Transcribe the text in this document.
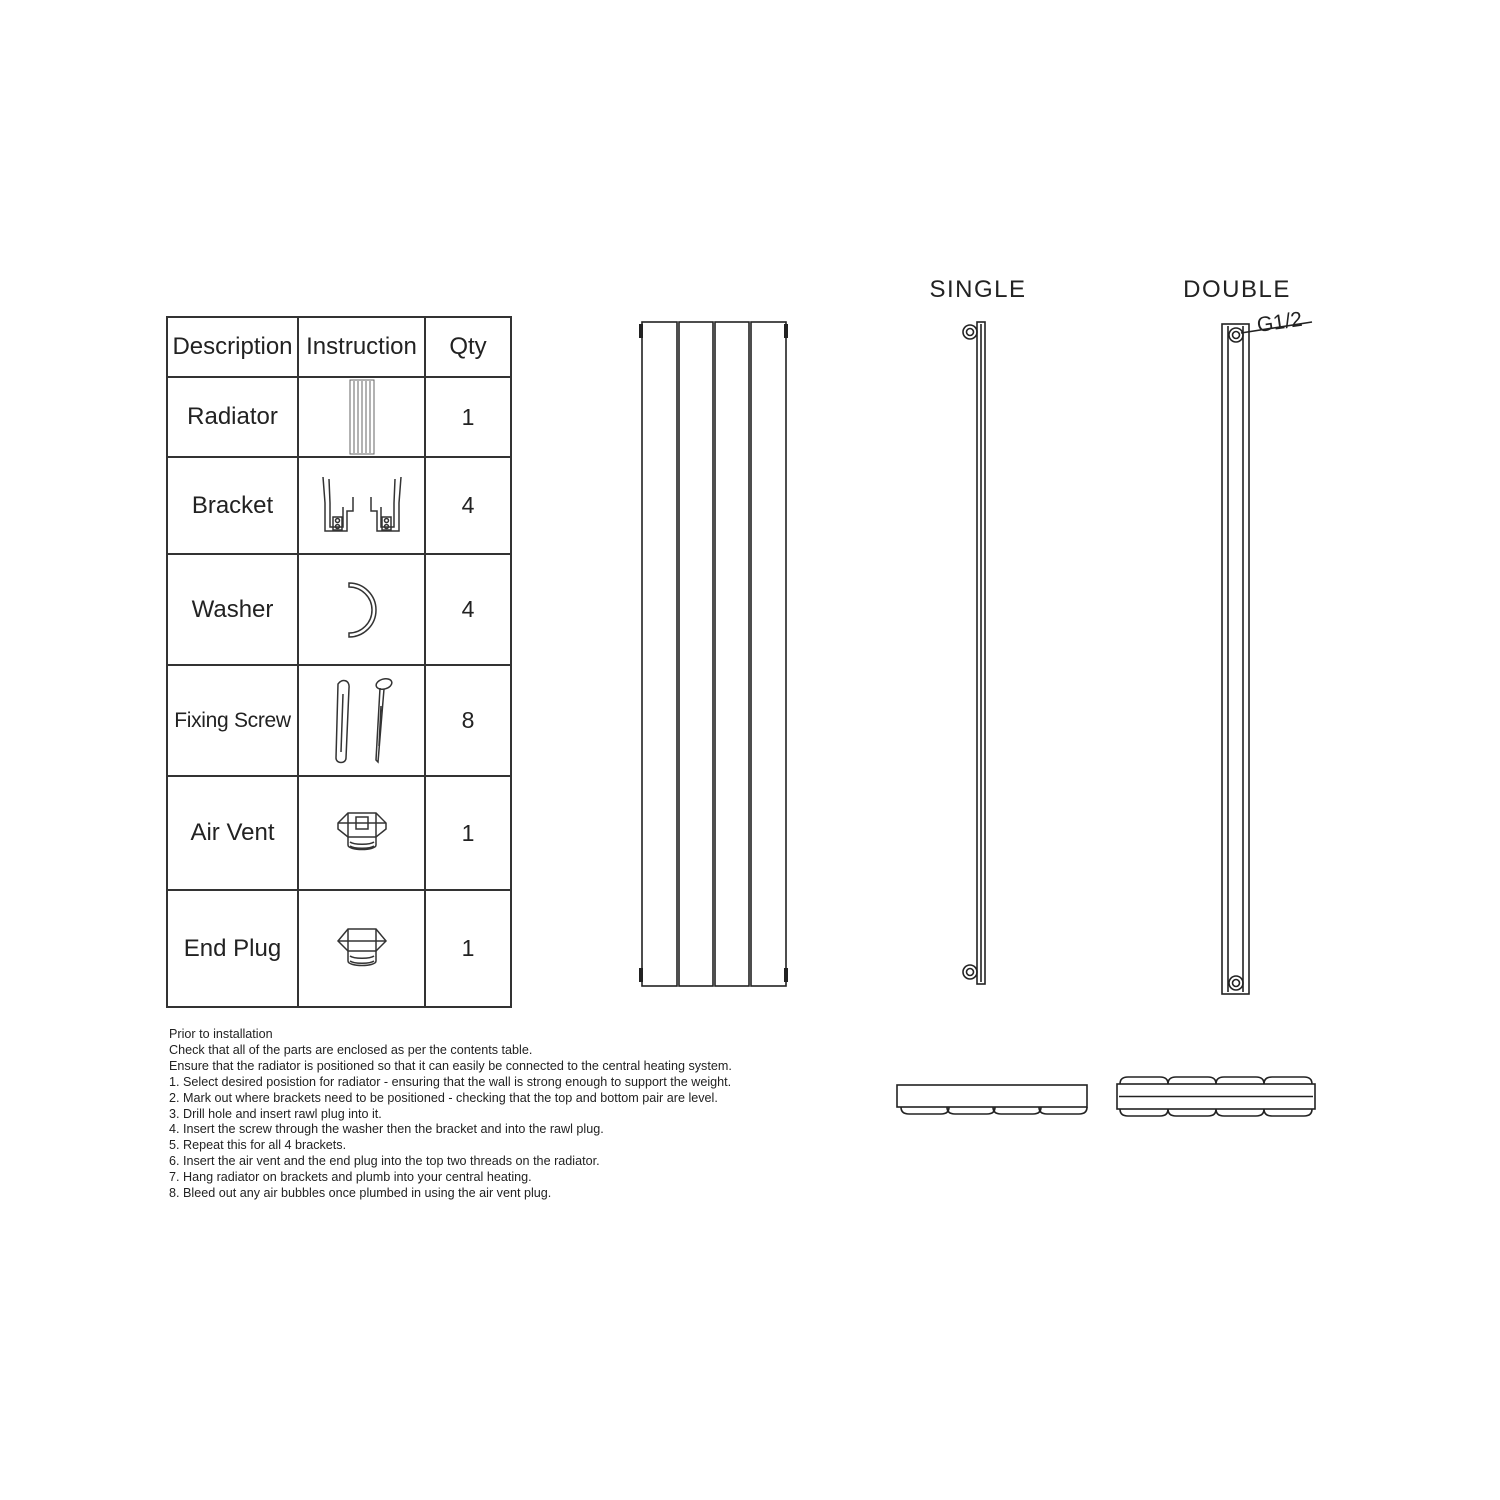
Description	Instruction	Qty
Radiator		1
Bracket		4
Washer		4
Fixing Screw		8
Air Vent		1
End Plug		1

Prior to installation

Check that all of the parts are enclosed as per the contents table.

Ensure that the radiator is positioned so that it can easily be connected to the central heating system.

1. Select desired posistion for radiator - ensuring that the wall is strong enough to support the weight.
2. Mark out where brackets need to be positioned - checking that the top and bottom pair are level.
3. Drill hole and insert rawl plug into it.
4. Insert the screw through the washer then the bracket and into the rawl plug.
5. Repeat this for all 4 brackets.
6. Insert the air vent and the end plug into the top two threads on the radiator.
7. Hang radiator on brackets and plumb into your central heating.
8. Bleed out any air bubbles once plumbed in using the air vent plug.
SINGLE	DOUBLE
G1/2
